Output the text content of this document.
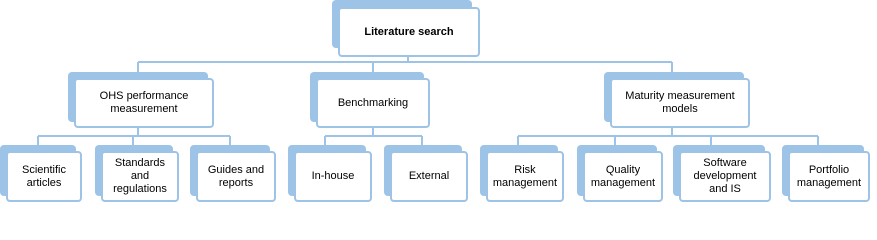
Literature search
OHS performance
measurement
Benchmarking
Maturity measurement
models
Scientific
articles
Standards
and
regulations
Guides and
reports
In-house	External
Risk
management
Quality
management
Software
development
and IS
Portfolio
management
